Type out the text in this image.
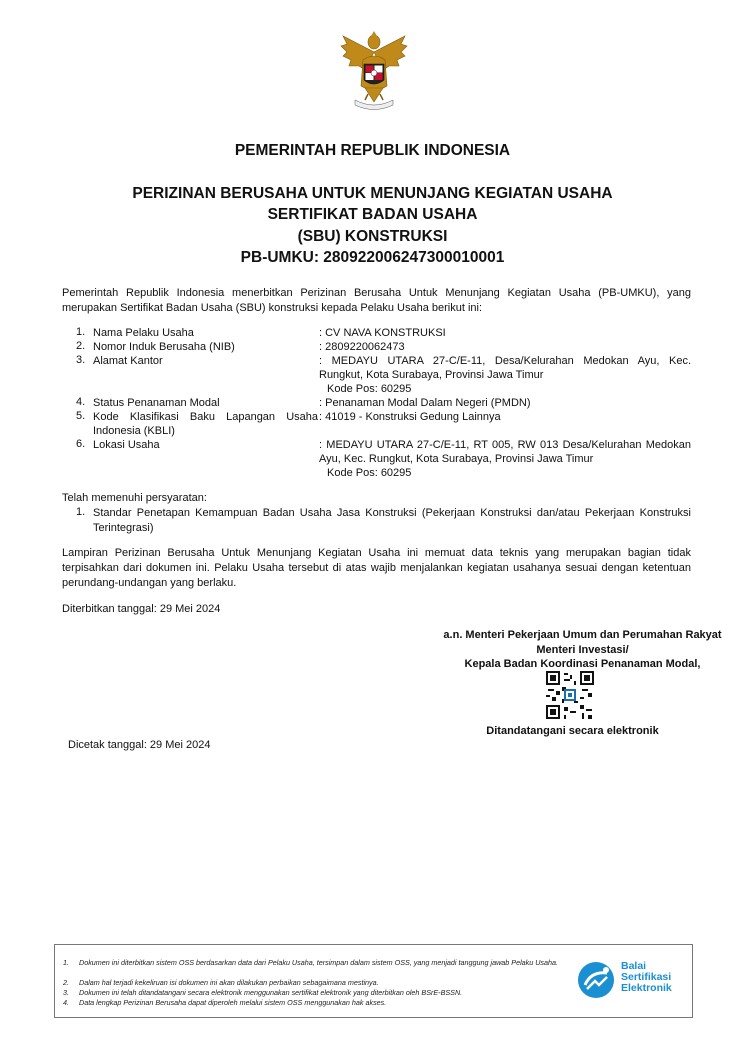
PEMERINTAH REPUBLIK INDONESIA
PERIZINAN BERUSAHA UNTUK MENUNJANG KEGIATAN USAHA
SERTIFIKAT BADAN USAHA
(SBU) KONSTRUKSI
PB-UMKU: 280922006247300010001
Pemerintah Republik Indonesia menerbitkan Perizinan Berusaha Untuk Menunjang Kegiatan Usaha (PB-UMKU), yang merupakan Sertifikat Badan Usaha (SBU) konstruksi kepada Pelaku Usaha berikut ini:
1. Nama Pelaku Usaha	: CV NAVA KONSTRUKSI
2. Nomor Induk Berusaha (NIB)	: 2809220062473
3. Alamat Kantor	: MEDAYU UTARA 27-C/E-11, Desa/Kelurahan Medokan Ayu, Kec. Rungkut, Kota Surabaya, Provinsi Jawa Timur
Kode Pos: 60295
4. Status Penanaman Modal	: Penanaman Modal Dalam Negeri (PMDN)
5. Kode Klasifikasi Baku Lapangan Usaha Indonesia (KBLI)
: 41019 - Konstruksi Gedung Lainnya
6. Lokasi Usaha	: MEDAYU UTARA 27-C/E-11, RT 005, RW 013 Desa/Kelurahan Medokan Ayu, Kec. Rungkut, Kota Surabaya, Provinsi Jawa Timur
Kode Pos: 60295
Telah memenuhi persyaratan:
1. Standar Penetapan Kemampuan Badan Usaha Jasa Konstruksi (Pekerjaan Konstruksi dan/atau Pekerjaan Konstruksi Terintegrasi)
Lampiran Perizinan Berusaha Untuk Menunjang Kegiatan Usaha ini memuat data teknis yang merupakan bagian tidak terpisahkan dari dokumen ini. Pelaku Usaha tersebut di atas wajib menjalankan kegiatan usahanya sesuai dengan ketentuan perundang-undangan yang berlaku.
Diterbitkan tanggal: 29 Mei 2024
a.n. Menteri Pekerjaan Umum dan Perumahan Rakyat
Menteri Investasi/
Kepala Badan Koordinasi Penanaman Modal,
Ditandatangani secara elektronik
Dicetak tanggal: 29 Mei 2024
1. Dokumen ini diterbitkan sistem OSS berdasarkan data dari Pelaku Usaha, tersimpan dalam sistem OSS, yang menjadi tanggung jawab Pelaku Usaha.
2. Dalam hal terjadi kekeliruan isi dokumen ini akan dilakukan perbaikan sebagaimana mestinya.
3. Dokumen ini telah ditandatangani secara elektronik menggunakan sertifikat elektronik yang diterbitkan oleh BSrE-BSSN.
4. Data lengkap Perizinan Berusaha dapat diperoleh melalui sistem OSS menggunakan hak akses.
Balai
Sertifikasi
Elektronik
